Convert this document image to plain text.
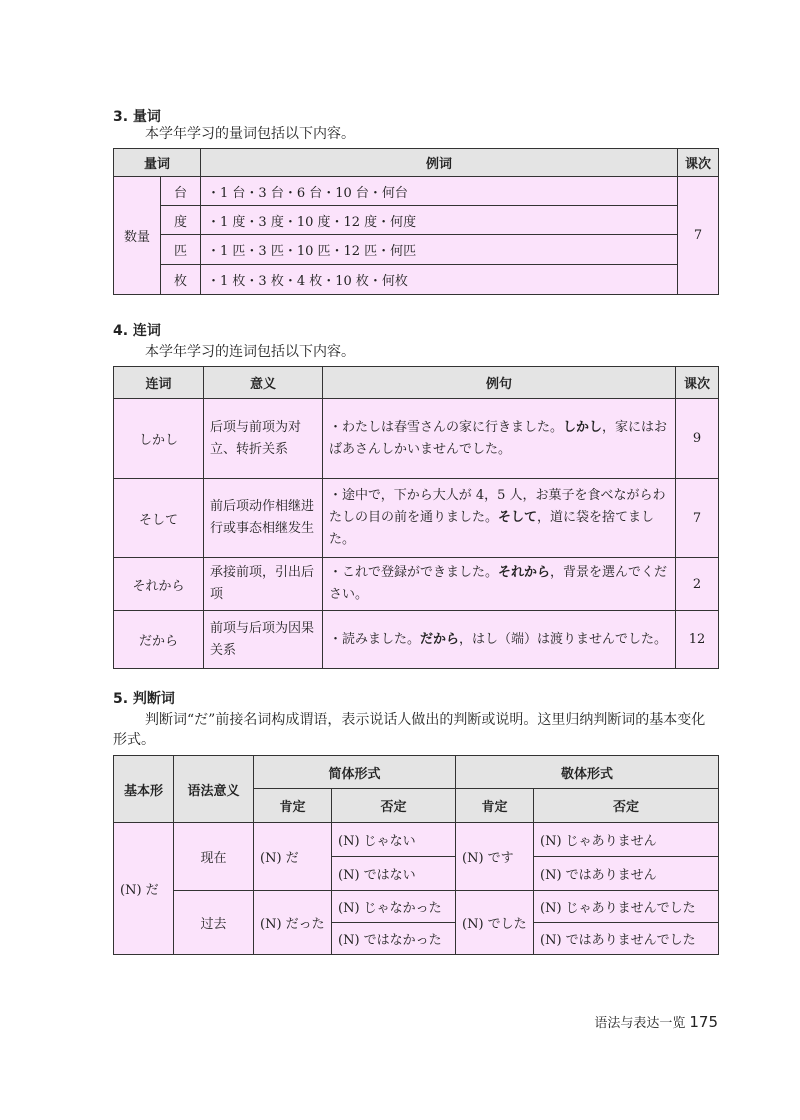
3. 量词
本学年学习的量词包括以下内容。
量词		例词	课次
数量	台	・1 台・3 台・6 台・10 台・何台	7
	度	・1 度・3 度・10 度・12 度・何度	
	匹	・1 匹・3 匹・10 匹・12 匹・何匹	
	枚	・1 枚・3 枚・4 枚・10 枚・何枚	
4. 连词
本学年学习的连词包括以下内容。
连词	意义	例句	课次
しかし	后项与前项为对立、转折关系	・わたしは春雪さんの家に行きました。しかし，家にはおばあさんしかいませんでした。	9
そして	前后项动作相继进行或事态相继发生	・途中で，下から大人が 4，5 人，お菓子を食べながらわたしの目の前を通りました。そして，道に袋を捨てました。	7
それから	承接前项，引出后项	・これで登録ができました。それから，背景を選んでください。	2
だから	前项与后项为因果关系	・読みました。だから，はし（端）は渡りませんでした。	12
5. 判断词
判断词“だ”前接名词构成谓语，表示说话人做出的判断或说明。这里归纳判断词的基本变化形式。
基本形	语法意义	简体形式		敬体形式	
		肯定	否定	肯定	否定
(N) だ	现在	(N) だ	(N) じゃない	(N) です	(N) じゃありません
			(N) ではない		(N) ではありません
	过去	(N) だった	(N) じゃなかった	(N) でした	(N) じゃありませんでした
			(N) ではなかった		(N) ではありませんでした
语法与表达一览 175
